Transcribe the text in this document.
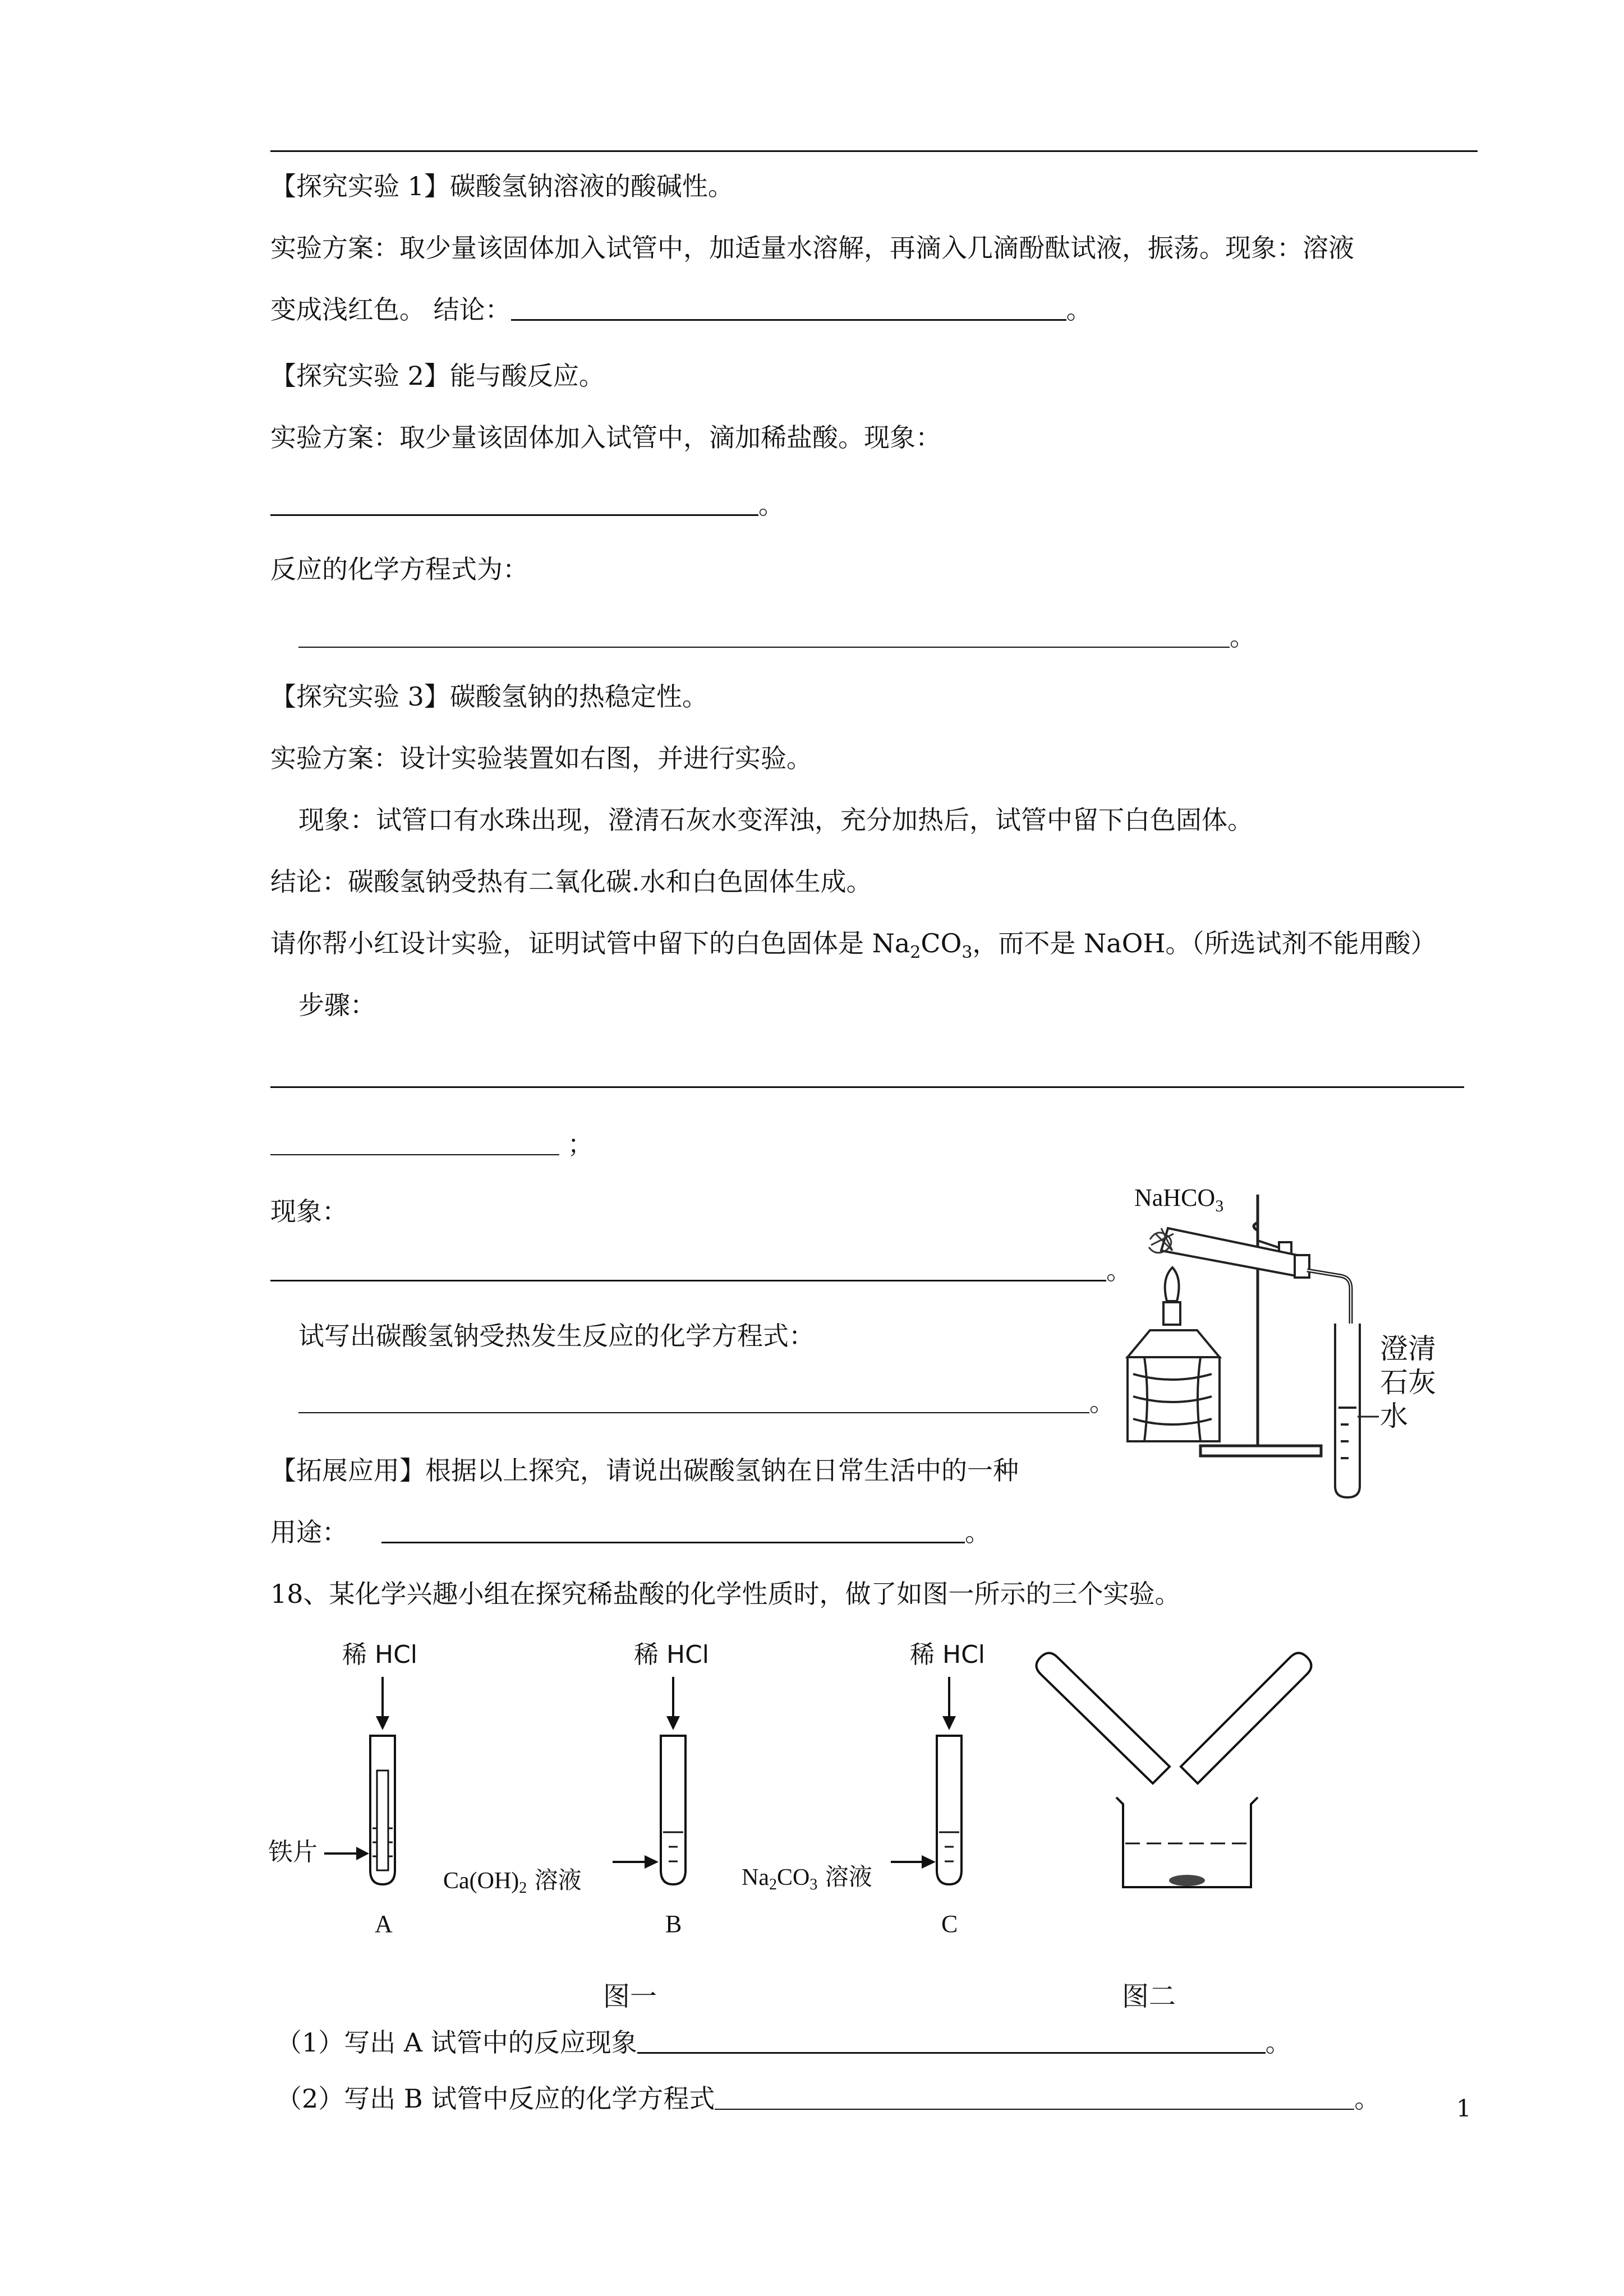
【探究实验 1】碳酸氢钠溶液的酸碱性。
实验方案：取少量该固体加入试管中，加适量水溶解，再滴入几滴酚酞试液，振荡。现象：溶液
变成浅红色。 结论：	。
【探究实验 2】能与酸反应。
实验方案：取少量该固体加入试管中，滴加稀盐酸。现象：
。
反应的化学方程式为：
。
【探究实验 3】碳酸氢钠的热稳定性。
实验方案：设计实验装置如右图，并进行实验。
现象：试管口有水珠出现，澄清石灰水变浑浊，充分加热后，试管中留下白色固体。
结论：碳酸氢钠受热有二氧化碳.水和白色固体生成。
请你帮小红设计实验，证明试管中留下的白色固体是 $Na_2CO_3$，而不是 NaOH。（所选试剂不能用酸）
步骤：
；
现象：
。
试写出碳酸氢钠受热发生反应的化学方程式：
。
【拓展应用】根据以上探究，请说出碳酸氢钠在日常生活中的一种
用途：	。
18、某化学兴趣小组在探究稀盐酸的化学性质时，做了如图一所示的三个实验。
NaHCO$_3$
澄清
石灰
水
稀 HCl
铁片
A
稀 HCl
Ca(OH)2 溶液
B
稀 HCl
Na2CO3 溶液
C
图一	图二
（1）写出 A 试管中的反应现象	。
（2）写出 B 试管中反应的化学方程式	。	1
